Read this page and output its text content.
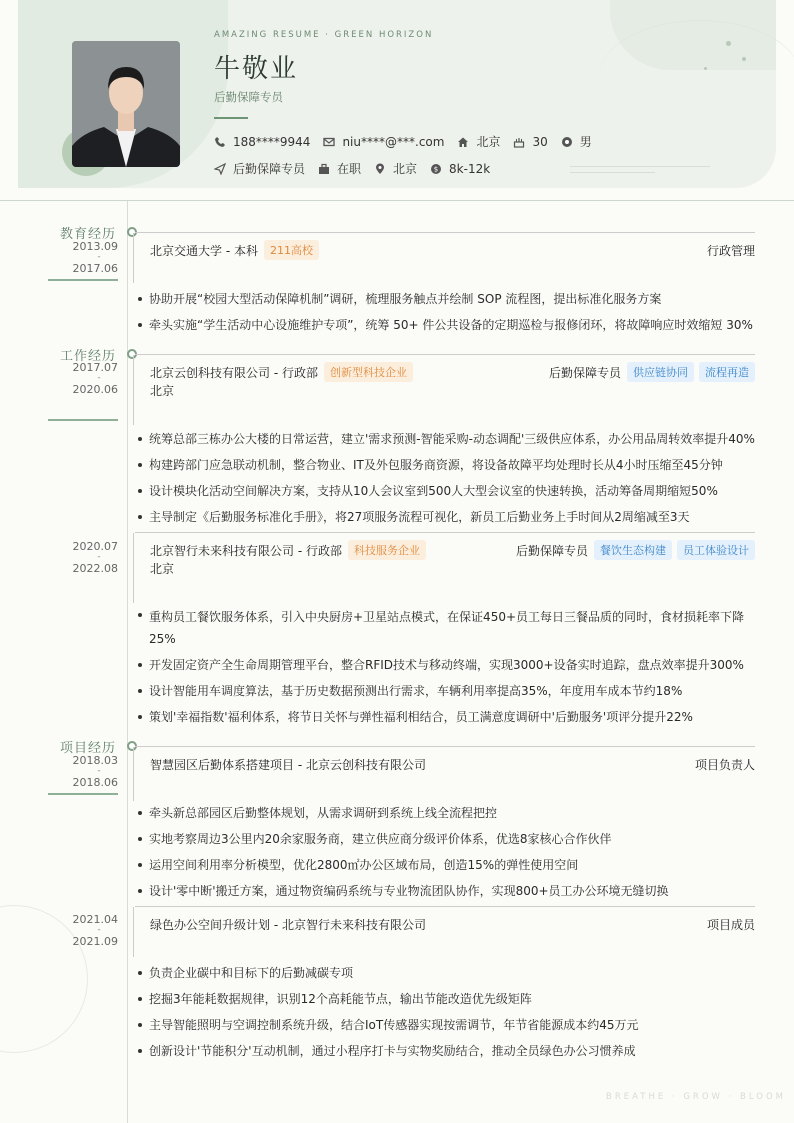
AMAZING RESUME · GREEN HORIZON
牛敬业
后勤保障专员
188****9944	niu****@***.com	北京	30	男
后勤保障专员	在职	北京 $ 8k-12k
教育经历
2013.09
-
2017.06
北京交通大学 - 本科	211高校	行政管理
协助开展“校园大型活动保障机制”调研，梳理服务触点并绘制 SOP 流程图，提出标准化服务方案
牵头实施“学生活动中心设施维护专项”，统筹 50+ 件公共设备的定期巡检与报修闭环，将故障响应时效缩短 30%
工作经历
2017.07
-
2020.06
北京云创科技有限公司 - 行政部	创新型科技企业	后勤保障专员	供应链协同	流程再造
北京
统筹总部三栋办公大楼的日常运营，建立'需求预测-智能采购-动态调配'三级供应体系，办公用品周转效率提升40%
构建跨部门应急联动机制，整合物业、IT及外包服务商资源，将设备故障平均处理时长从4小时压缩至45分钟
设计模块化活动空间解决方案，支持从10人会议室到500人大型会议室的快速转换，活动筹备周期缩短50%
主导制定《后勤服务标准化手册》，将27项服务流程可视化，新员工后勤业务上手时间从2周缩减至3天
2020.07
-
2022.08
北京智行未来科技有限公司 - 行政部	科技服务企业	后勤保障专员	餐饮生态构建	员工体验设计
北京
重构员工餐饮服务体系，引入中央厨房+卫星站点模式，在保证450+员工每日三餐品质的同时，食材损耗率下降25%
开发固定资产全生命周期管理平台，整合RFID技术与移动终端，实现3000+设备实时追踪，盘点效率提升300%
设计智能用车调度算法，基于历史数据预测出行需求，车辆利用率提高35%，年度用车成本节约18%
策划'幸福指数'福利体系，将节日关怀与弹性福利相结合，员工满意度调研中'后勤服务'项评分提升22%
项目经历
2018.03
-
2018.06
智慧园区后勤体系搭建项目 - 北京云创科技有限公司	项目负责人
牵头新总部园区后勤整体规划，从需求调研到系统上线全流程把控
实地考察周边3公里内20余家服务商，建立供应商分级评价体系，优选8家核心合作伙伴
运用空间利用率分析模型，优化2800㎡办公区域布局，创造15%的弹性使用空间
设计'零中断'搬迁方案，通过物资编码系统与专业物流团队协作，实现800+员工办公环境无缝切换
2021.04
-
2021.09
绿色办公空间升级计划 - 北京智行未来科技有限公司	项目成员
负责企业碳中和目标下的后勤减碳专项
挖掘3年能耗数据规律，识别12个高耗能节点，输出节能改造优先级矩阵
主导智能照明与空调控制系统升级，结合IoT传感器实现按需调节，年节省能源成本约45万元
创新设计'节能积分'互动机制，通过小程序打卡与实物奖励结合，推动全员绿色办公习惯养成
BREATHE · GROW · BLOOM
